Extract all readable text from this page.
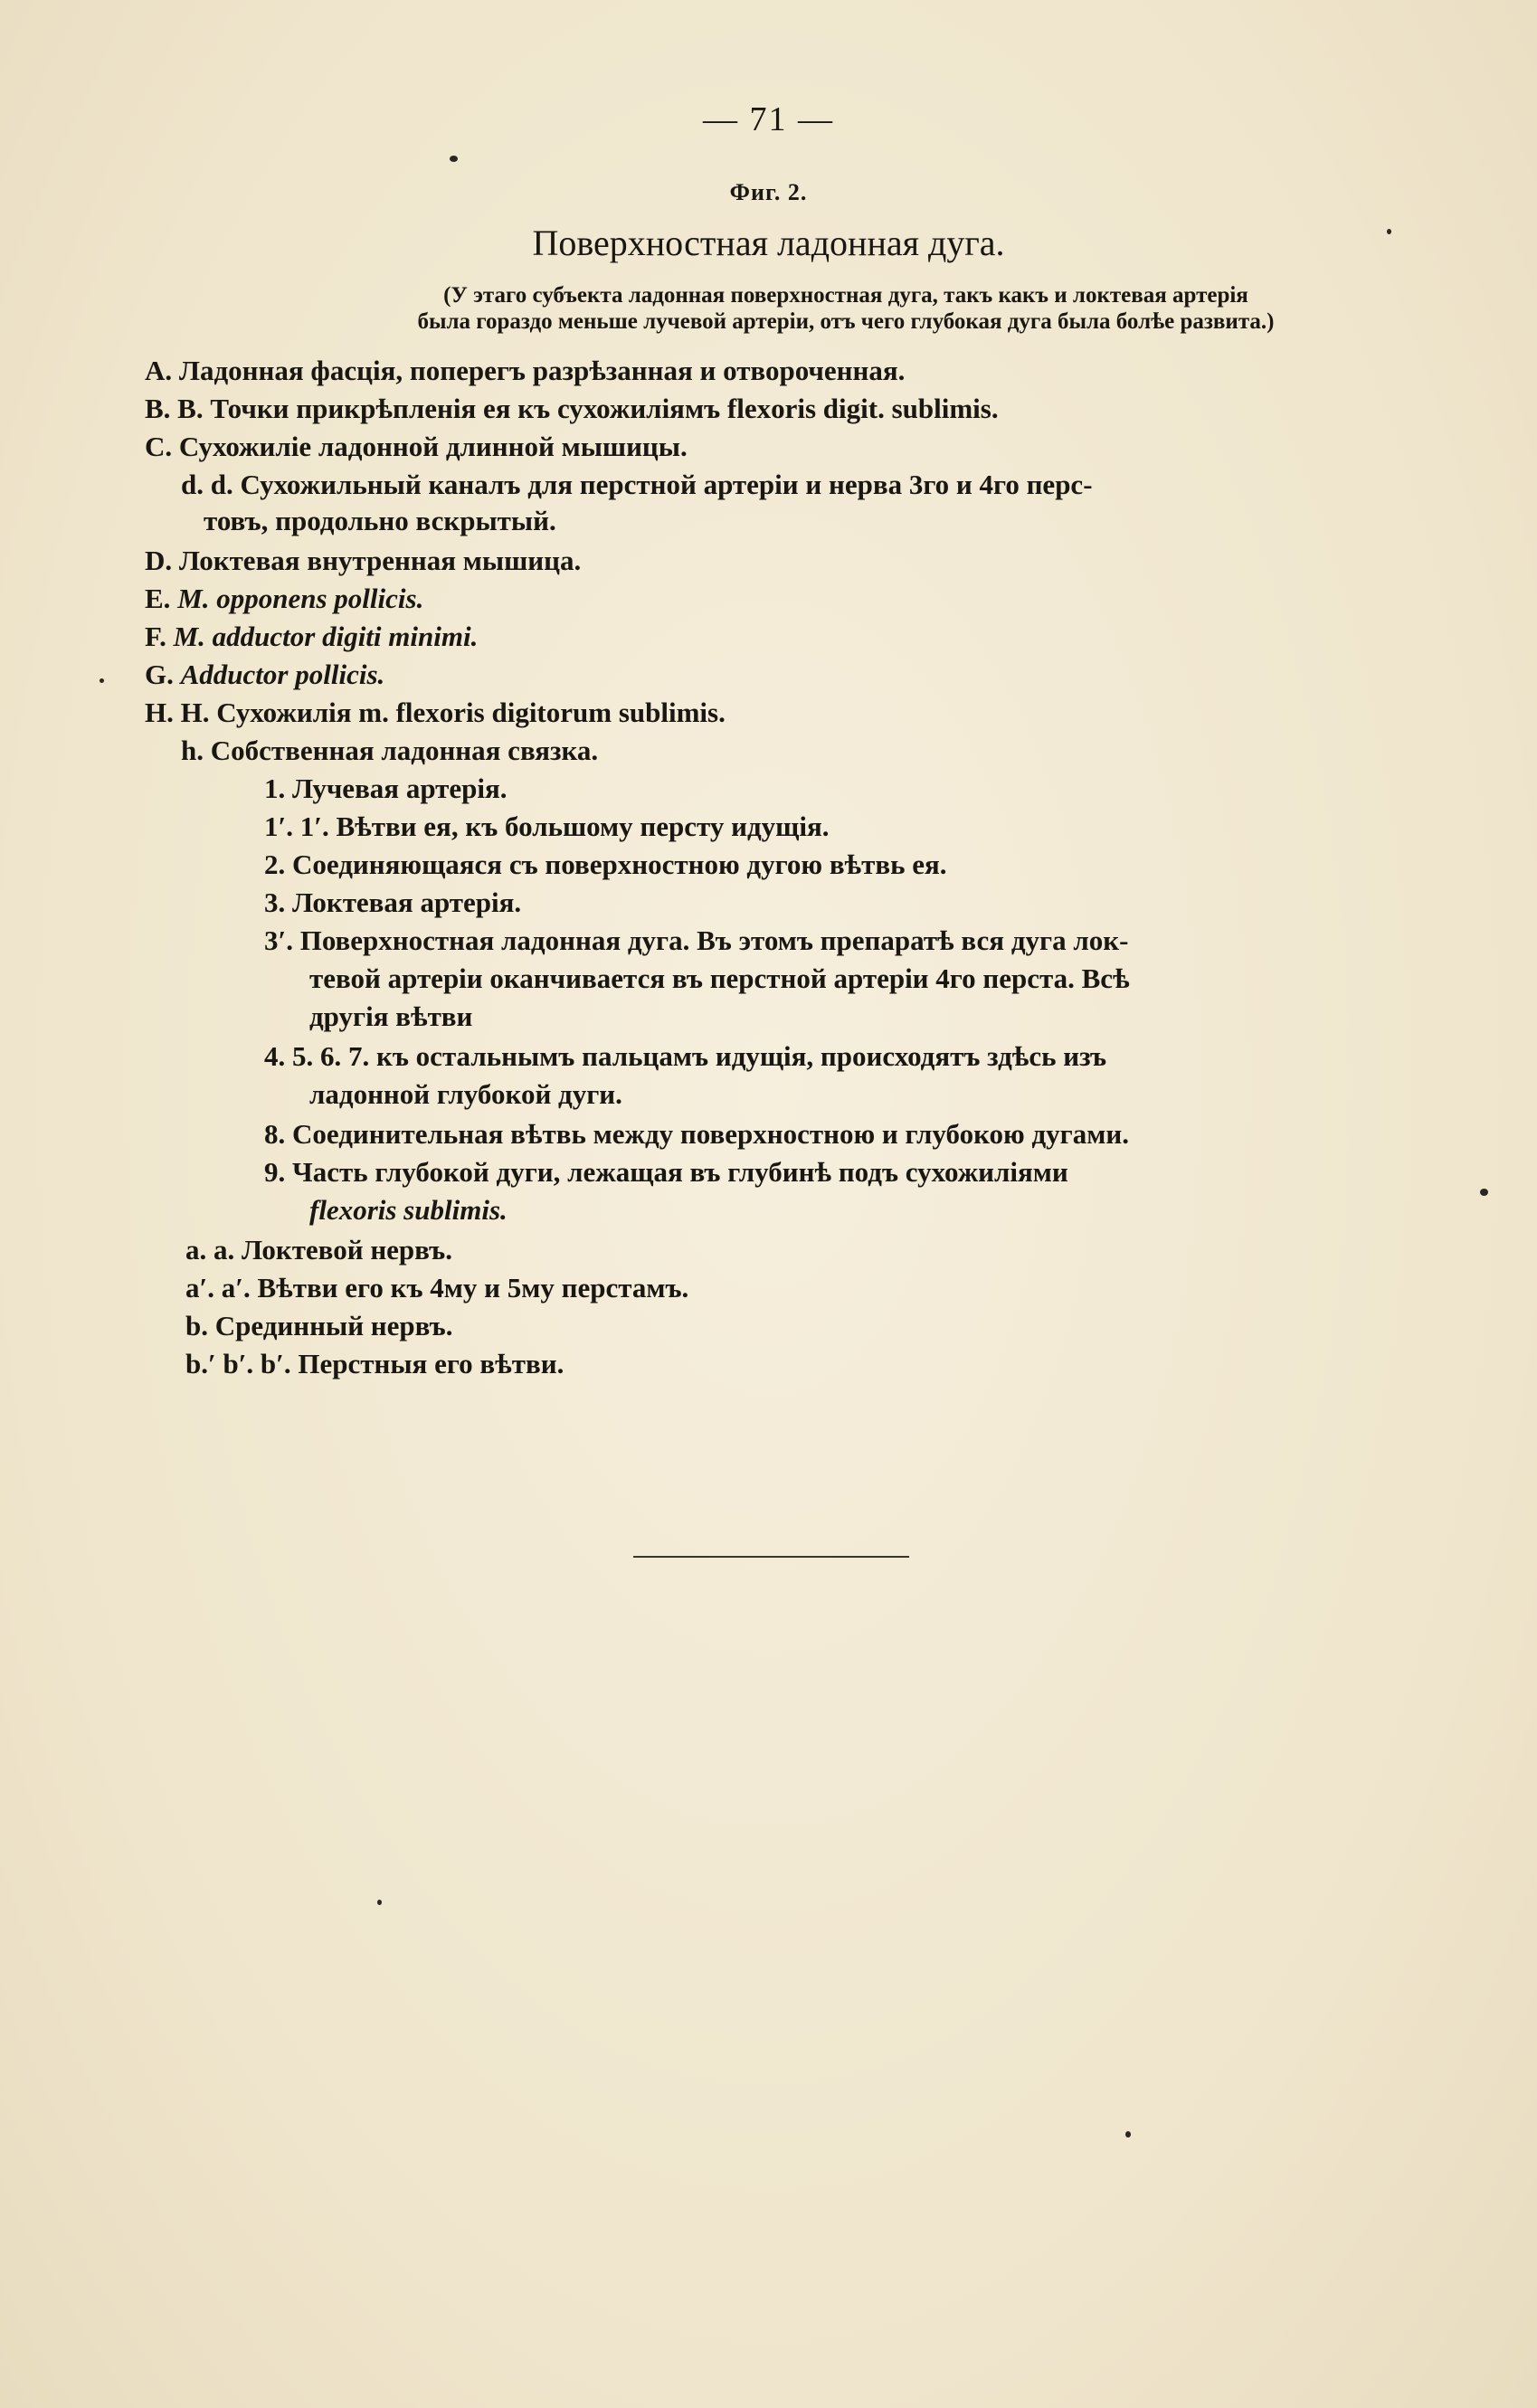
— 71 —
Фиг. 2.
Поверхностная ладонная дуга.
(У этаго субъекта ладонная поверхностная дуга, такъ какъ и локтевая артерія
была гораздо меньше лучевой артеріи, отъ чего глубокая дуга была болѣе развита.)
A. Ладонная фасція, поперегъ разрѣзанная и отвороченная.
B. B. Точки прикрѣпленія ея къ сухожиліямъ flexoris digit. sublimis.
C. Сухожиліе ладонной длинной мышицы.
d. d. Сухожильный каналъ для перстной артеріи и нерва 3го и 4го перс-
товъ, продольно вскрытый.
D. Локтевая внутренная мышица.
E. M. opponens pollicis.
F. M. adductor digiti minimi.
G. Adductor pollicis.
H. H. Сухожилія m. flexoris digitorum sublimis.
h. Собственная ладонная связка.
1. Лучевая артерія.
1′. 1′. Вѣтви ея, къ большому персту идущія.
2. Соединяющаяся съ поверхностною дугою вѣтвь ея.
3. Локтевая артерія.
3′. Поверхностная ладонная дуга. Въ этомъ препаратѣ вся дуга лок-
тевой артеріи оканчивается въ перстной артеріи 4го перста. Всѣ
другія вѣтви
4. 5. 6. 7. къ остальнымъ пальцамъ идущія, происходятъ здѣсь изъ
ладонной глубокой дуги.
8. Соединительная вѣтвь между поверхностною и глубокою дугами.
9. Часть глубокой дуги, лежащая въ глубинѣ подъ сухожиліями
flexoris sublimis.
a. a. Локтевой нервъ.
a′. a′. Вѣтви его къ 4му и 5му перстамъ.
b. Срединный нервъ.
b.′ b′. b′. Перстныя его вѣтви.
